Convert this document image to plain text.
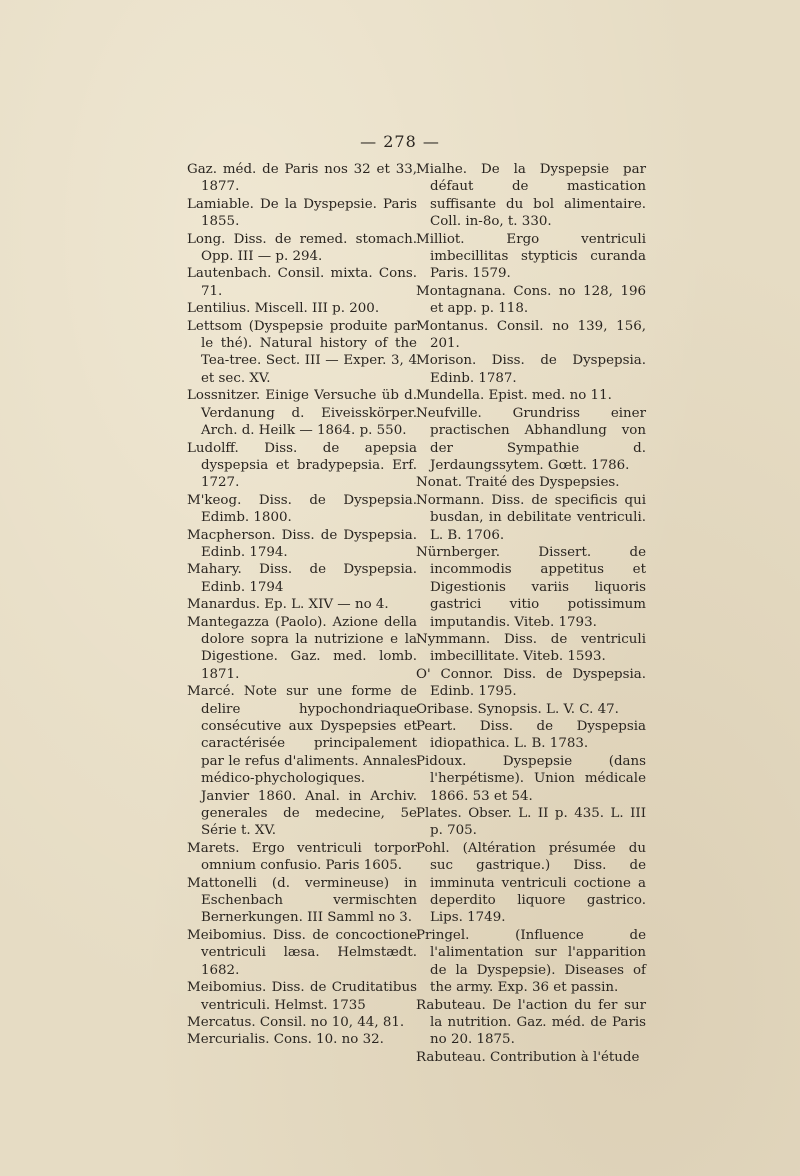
— 278 —

Gaz. méd. de Paris nos 32 et 33, 1877.

Lamiable. De la Dyspepsie. Paris 1855.

Long. Diss. de remed. stomach. Opp. III — p. 294.

Lautenbach. Consil. mixta. Cons. 71.

Lentilius. Miscell. III p. 200.

Lettsom (Dyspepsie produite par le thé). Natural history of the Tea-tree. Sect. III — Exper. 3, 4 et sec. XV.

Lossnitzer. Einige Versuche üb d. Verdanung d. Eiveisskörper. Arch. d. Heilk — 1864. p. 550.

Ludolff. Diss. de apepsia dyspepsia et bradypepsia. Erf. 1727.

M'keog. Diss. de Dyspepsia. Edimb. 1800.

Macpherson. Diss. de Dyspepsia. Edinb. 1794.

Mahary. Diss. de Dyspepsia. Edinb. 1794

Manardus. Ep. L. XIV — no 4.

Mantegazza (Paolo). Azione della dolore sopra la nutrizione e la Digestione. Gaz. med. lomb. 1871.

Marcé. Note sur une forme de delire hypochondriaque consécutive aux Dyspepsies et caractérisée principalement par le refus d'aliments. Annales médico-phychologiques. Janvier 1860. Anal. in Archiv. generales de medecine, 5e Série t. XV.

Marets. Ergo ventriculi torpor omnium confusio. Paris 1605.

Mattonelli (d. vermineuse) in Eschenbach vermischten Bernerkungen. III Samml no 3.

Meibomius. Diss. de concoctione ventriculi læsa. Helmstædt. 1682.

Meibomius. Diss. de Cruditatibus ventriculi. Helmst. 1735

Mercatus. Consil. no 10, 44, 81.

Mercurialis. Cons. 10. no 32.

Mialhe. De la Dyspepsie par défaut de mastication suffisante du bol alimentaire. Coll. in-8o, t. 330.

Milliot. Ergo ventriculi imbecillitas stypticis curanda Paris. 1579.

Montagnana. Cons. no 128, 196 et app. p. 118.

Montanus. Consil. no 139, 156, 201.

Morison. Diss. de Dyspepsia. Edinb. 1787.

Mundella. Epist. med. no 11.

Neufville. Grundriss einer practischen Abhandlung von der Sympathie d. Jerdaungssytem. Gœtt. 1786.

Nonat. Traité des Dyspepsies.

Normann. Diss. de specificis qui busdan, in debilitate ventriculi. L. B. 1706.

Nürnberger. Dissert. de incommodis appetitus et Digestionis variis liquoris gastrici vitio potissimum imputandis. Viteb. 1793.

Nymmann. Diss. de ventriculi imbecillitate. Viteb. 1593.

O' Connor. Diss. de Dyspepsia. Edinb. 1795.

Oribase. Synopsis. L. V. C. 47.

Peart. Diss. de Dyspepsia idiopathica. L. B. 1783.

Pidoux. Dyspepsie (dans l'herpétisme). Union médicale 1866. 53 et 54.

Plates. Obser. L. II p. 435. L. III p. 705.

Pohl. (Altération présumée du suc gastrique.) Diss. de imminuta ventriculi coctione a deperdito liquore gastrico. Lips. 1749.

Pringel. (Influence de l'alimentation sur l'apparition de la Dyspepsie). Diseases of the army. Exp. 36 et passin.

Rabuteau. De l'action du fer sur la nutrition. Gaz. méd. de Paris no 20. 1875.

Rabuteau. Contribution à l'étude
